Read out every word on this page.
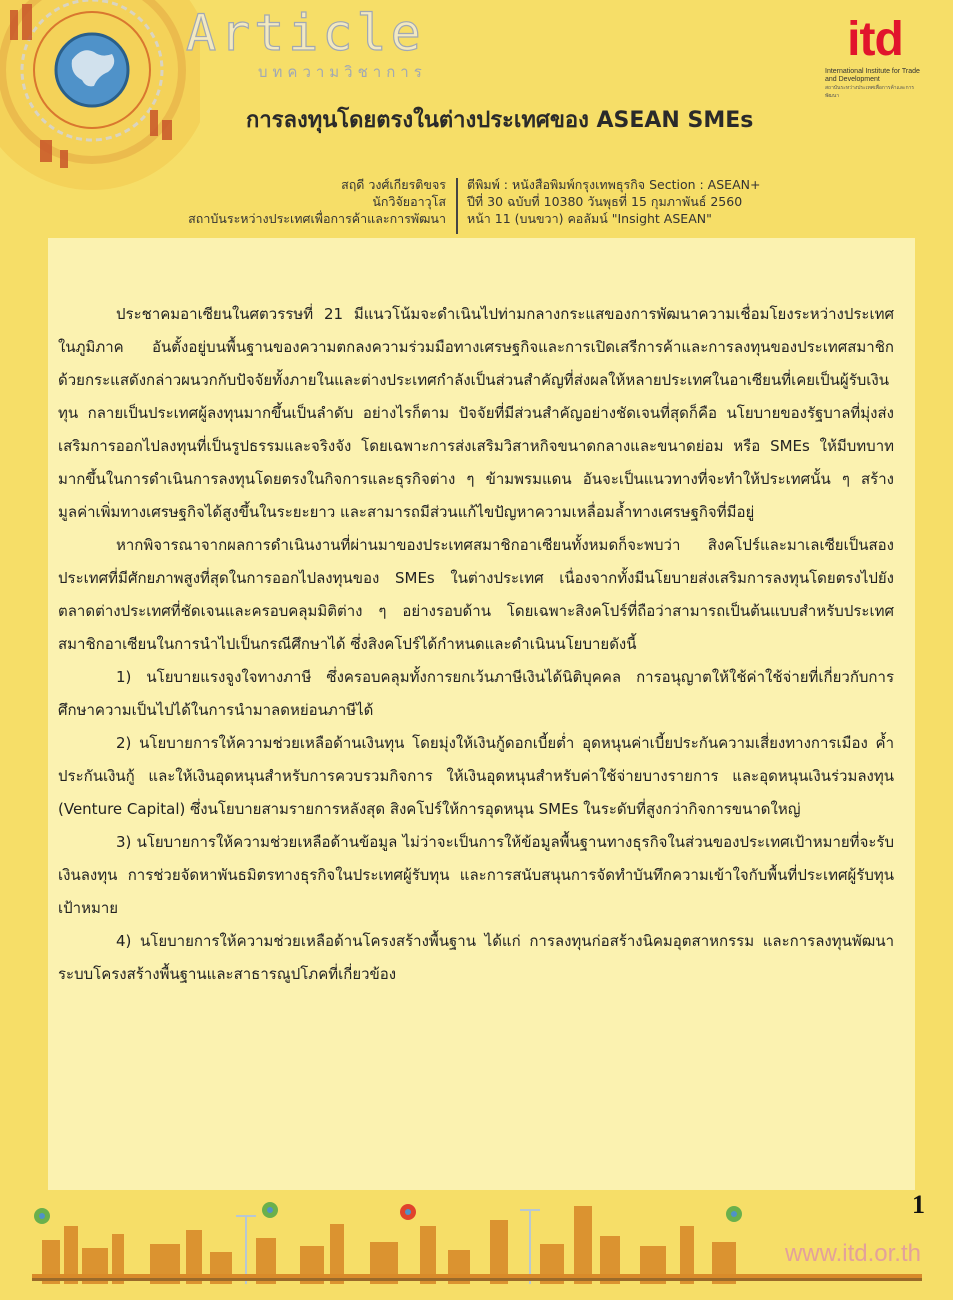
Article
บทความวิชาการ
itd
International Institute for Trade and Development
สถาบันระหว่างประเทศเพื่อการค้าและการพัฒนา
การลงทุนโดยตรงในต่างประเทศของ ASEAN SMEs
สฤดี วงศ์เกียรติขจร
นักวิจัยอาวุโส
สถาบันระหว่างประเทศเพื่อการค้าและการพัฒนา
ตีพิมพ์ : หนังสือพิมพ์กรุงเทพธุรกิจ Section : ASEAN+
ปีที่ 30 ฉบับที่ 10380 วันพุธที่ 15 กุมภาพันธ์ 2560
หน้า 11 (บนขวา) คอลัมน์ "Insight ASEAN"

ประชาคมอาเซียนในศตวรรษที่ 21 มีแนวโน้มจะดำเนินไปท่ามกลางกระแสของการพัฒนาความเชื่อมโยงระหว่างประเทศในภูมิภาค อันตั้งอยู่บนพื้นฐานของความตกลงความร่วมมือทางเศรษฐกิจและการเปิดเสรีการค้าและการลงทุนของประเทศสมาชิก ด้วยกระแสดังกล่าวผนวกกับปัจจัยทั้งภายในและต่างประเทศกำลังเป็นส่วนสำคัญที่ส่งผลให้หลายประเทศในอาเซียนที่เคยเป็นผู้รับเงินทุน กลายเป็นประเทศผู้ลงทุนมากขึ้นเป็นลำดับ อย่างไรก็ตาม ปัจจัยที่มีส่วนสำคัญอย่างชัดเจนที่สุดก็คือ นโยบายของรัฐบาลที่มุ่งส่งเสริมการออกไปลงทุนที่เป็นรูปธรรมและจริงจัง โดยเฉพาะการส่งเสริมวิสาหกิจขนาดกลางและขนาดย่อม หรือ SMEs ให้มีบทบาทมากขึ้นในการดำเนินการลงทุนโดยตรงในกิจการและธุรกิจต่าง ๆ ข้ามพรมแดน อันจะเป็นแนวทางที่จะทำให้ประเทศนั้น ๆ สร้างมูลค่าเพิ่มทางเศรษฐกิจได้สูงขึ้นในระยะยาว และสามารถมีส่วนแก้ไขปัญหาความเหลื่อมล้ำทางเศรษฐกิจที่มีอยู่

หากพิจารณาจากผลการดำเนินงานที่ผ่านมาของประเทศสมาชิกอาเซียนทั้งหมดก็จะพบว่า สิงคโปร์และมาเลเซียเป็นสองประเทศที่มีศักยภาพสูงที่สุดในการออกไปลงทุนของ SMEs ในต่างประเทศ เนื่องจากทั้งมีนโยบายส่งเสริมการลงทุนโดยตรงไปยังตลาดต่างประเทศที่ชัดเจนและครอบคลุมมิติต่าง ๆ อย่างรอบด้าน โดยเฉพาะสิงคโปร์ที่ถือว่าสามารถเป็นต้นแบบสำหรับประเทศสมาชิกอาเซียนในการนำไปเป็นกรณีศึกษาได้ ซึ่งสิงคโปร์ได้กำหนดและดำเนินนโยบายดังนี้

1) นโยบายแรงจูงใจทางภาษี ซึ่งครอบคลุมทั้งการยกเว้นภาษีเงินได้นิติบุคคล การอนุญาตให้ใช้ค่าใช้จ่ายที่เกี่ยวกับการศึกษาความเป็นไปได้ในการนำมาลดหย่อนภาษีได้

2) นโยบายการให้ความช่วยเหลือด้านเงินทุน โดยมุ่งให้เงินกู้ดอกเบี้ยต่ำ อุดหนุนค่าเบี้ยประกันความเสี่ยงทางการเมือง ค้ำประกันเงินกู้ และให้เงินอุดหนุนสำหรับการควบรวมกิจการ ให้เงินอุดหนุนสำหรับค่าใช้จ่ายบางรายการ และอุดหนุนเงินร่วมลงทุน (Venture Capital) ซึ่งนโยบายสามรายการหลังสุด สิงคโปร์ให้การอุดหนุน SMEs ในระดับที่สูงกว่ากิจการขนาดใหญ่

3) นโยบายการให้ความช่วยเหลือด้านข้อมูล ไม่ว่าจะเป็นการให้ข้อมูลพื้นฐานทางธุรกิจในส่วนของประเทศเป้าหมายที่จะรับเงินลงทุน การช่วยจัดหาพันธมิตรทางธุรกิจในประเทศผู้รับทุน และการสนับสนุนการจัดทำบันทึกความเข้าใจกับพื้นที่ประเทศผู้รับทุนเป้าหมาย

4) นโยบายการให้ความช่วยเหลือด้านโครงสร้างพื้นฐาน ได้แก่ การลงทุนก่อสร้างนิคมอุตสาหกรรม และการลงทุนพัฒนาระบบโครงสร้างพื้นฐานและสาธารณูปโภคที่เกี่ยวข้อง

1
www.itd.or.th
